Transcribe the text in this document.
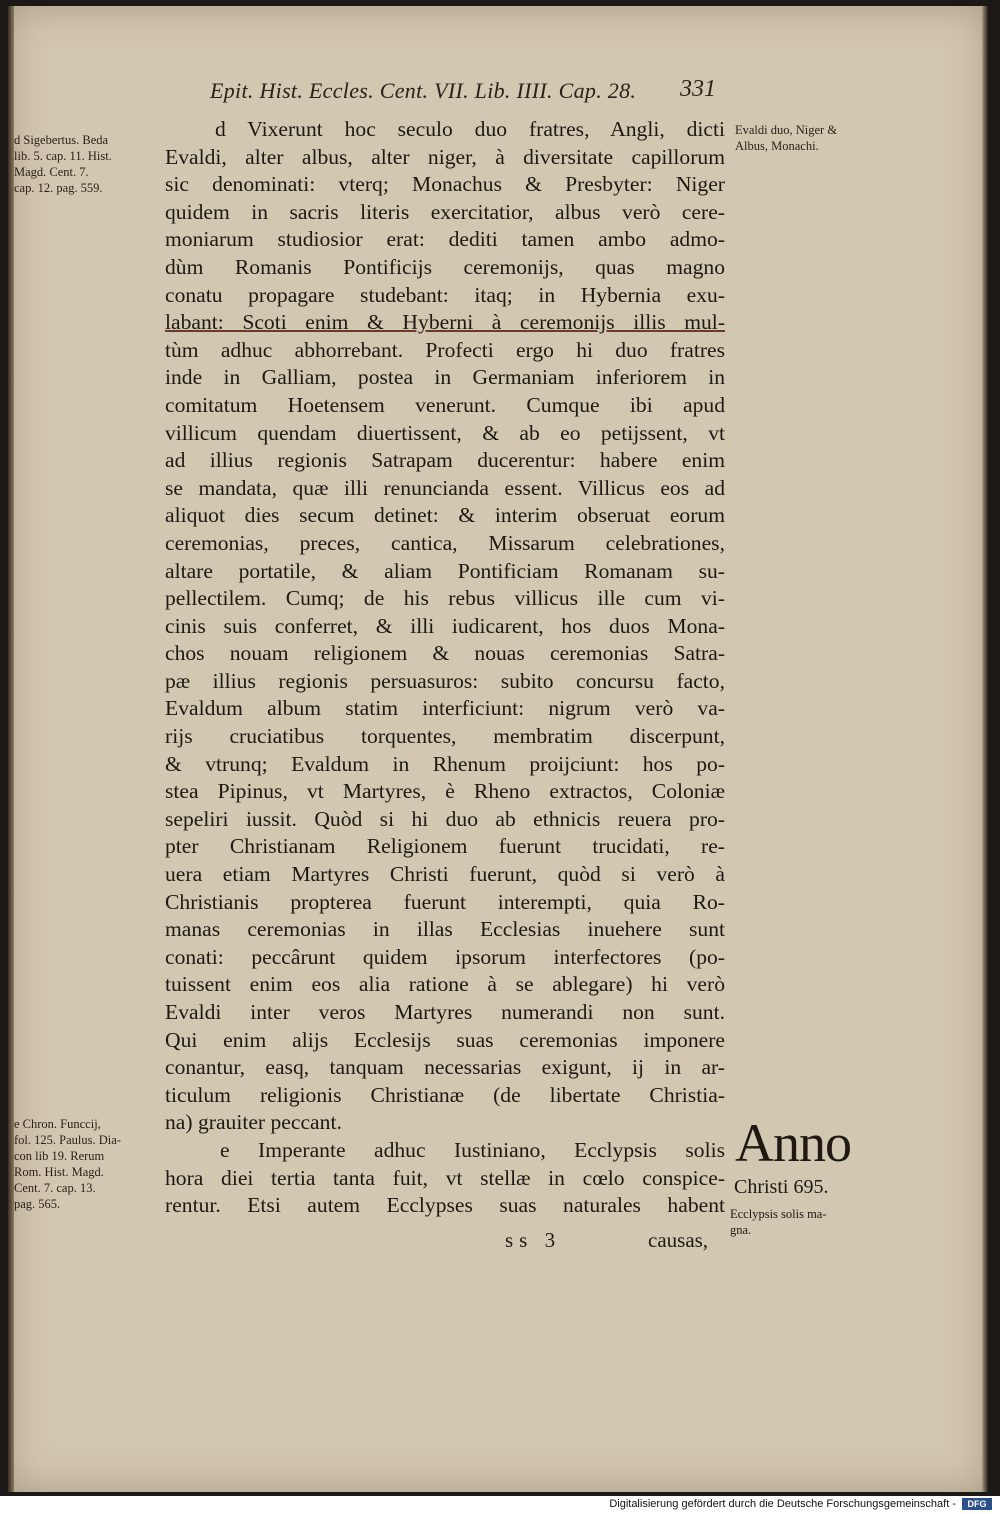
Epit. Hist. Eccles. Cent. VII. Lib. IIII. Cap. 28.	331
d Sigebertus. Beda
lib. 5. cap. 11. Hist.
Magd. Cent. 7.
cap. 12. pag. 559.
e Chron. Funccij,
fol. 125. Paulus. Dia-
con lib 19. Rerum
Rom. Hist. Magd.
Cent. 7. cap. 13.
pag. 565.
Evaldi duo, Niger &
Albus, Monachi.
d Vixerunt hoc seculo duo fratres, Angli, dicti
Evaldi, alter albus, alter niger, à diversitate capillorum
sic denominati: vterq; Monachus & Presbyter: Niger
quidem in sacris literis exercitatior, albus verò cere-
moniarum studiosior erat: dediti tamen ambo admo-
dùm Romanis Pontificijs ceremonijs, quas magno
conatu propagare studebant: itaq; in Hybernia exu-
labant: Scoti enim & Hyberni à ceremonijs illis mul-
tùm adhuc abhorrebant. Profecti ergo hi duo fratres
inde in Galliam, postea in Germaniam inferiorem in
comitatum Hoetensem venerunt. Cumque ibi apud
villicum quendam diuertissent, & ab eo petijssent, vt
ad illius regionis Satrapam ducerentur: habere enim
se mandata, quæ illi renuncianda essent. Villicus eos ad
aliquot dies secum detinet: & interim obseruat eorum
ceremonias, preces, cantica, Missarum celebrationes,
altare portatile, & aliam Pontificiam Romanam su-
pellectilem. Cumq; de his rebus villicus ille cum vi-
cinis suis conferret, & illi iudicarent, hos duos Mona-
chos nouam religionem & nouas ceremonias Satra-
pæ illius regionis persuasuros: subito concursu facto,
Evaldum album statim interficiunt: nigrum verò va-
rijs cruciatibus torquentes, membratim discerpunt,
& vtrunq; Evaldum in Rhenum proijciunt: hos po-
stea Pipinus, vt Martyres, è Rheno extractos, Coloniæ
sepeliri iussit. Quòd si hi duo ab ethnicis reuera pro-
pter Christianam Religionem fuerunt trucidati, re-
uera etiam Martyres Christi fuerunt, quòd si verò à
Christianis propterea fuerunt interempti, quia Ro-
manas ceremonias in illas Ecclesias inuehere sunt
conati: peccârunt quidem ipsorum interfectores (po-
tuissent enim eos alia ratione à se ablegare) hi verò
Evaldi inter veros Martyres numerandi non sunt.
Qui enim alijs Ecclesijs suas ceremonias imponere
conantur, easq, tanquam necessarias exigunt, ij in ar-
ticulum religionis Christianæ (de libertate Christia-
na) grauiter peccant.
e Imperante adhuc Iustiniano, Ecclypsis solis
hora diei tertia tanta fuit, vt stellæ in cœlo conspice-
rentur. Etsi autem Ecclypses suas naturales habent
ss 3	causas,
Anno
Christi 695.
Ecclypsis solis ma-
gna.
Digitalisierung gefördert durch die Deutsche Forschungsgemeinschaft -	DFG
